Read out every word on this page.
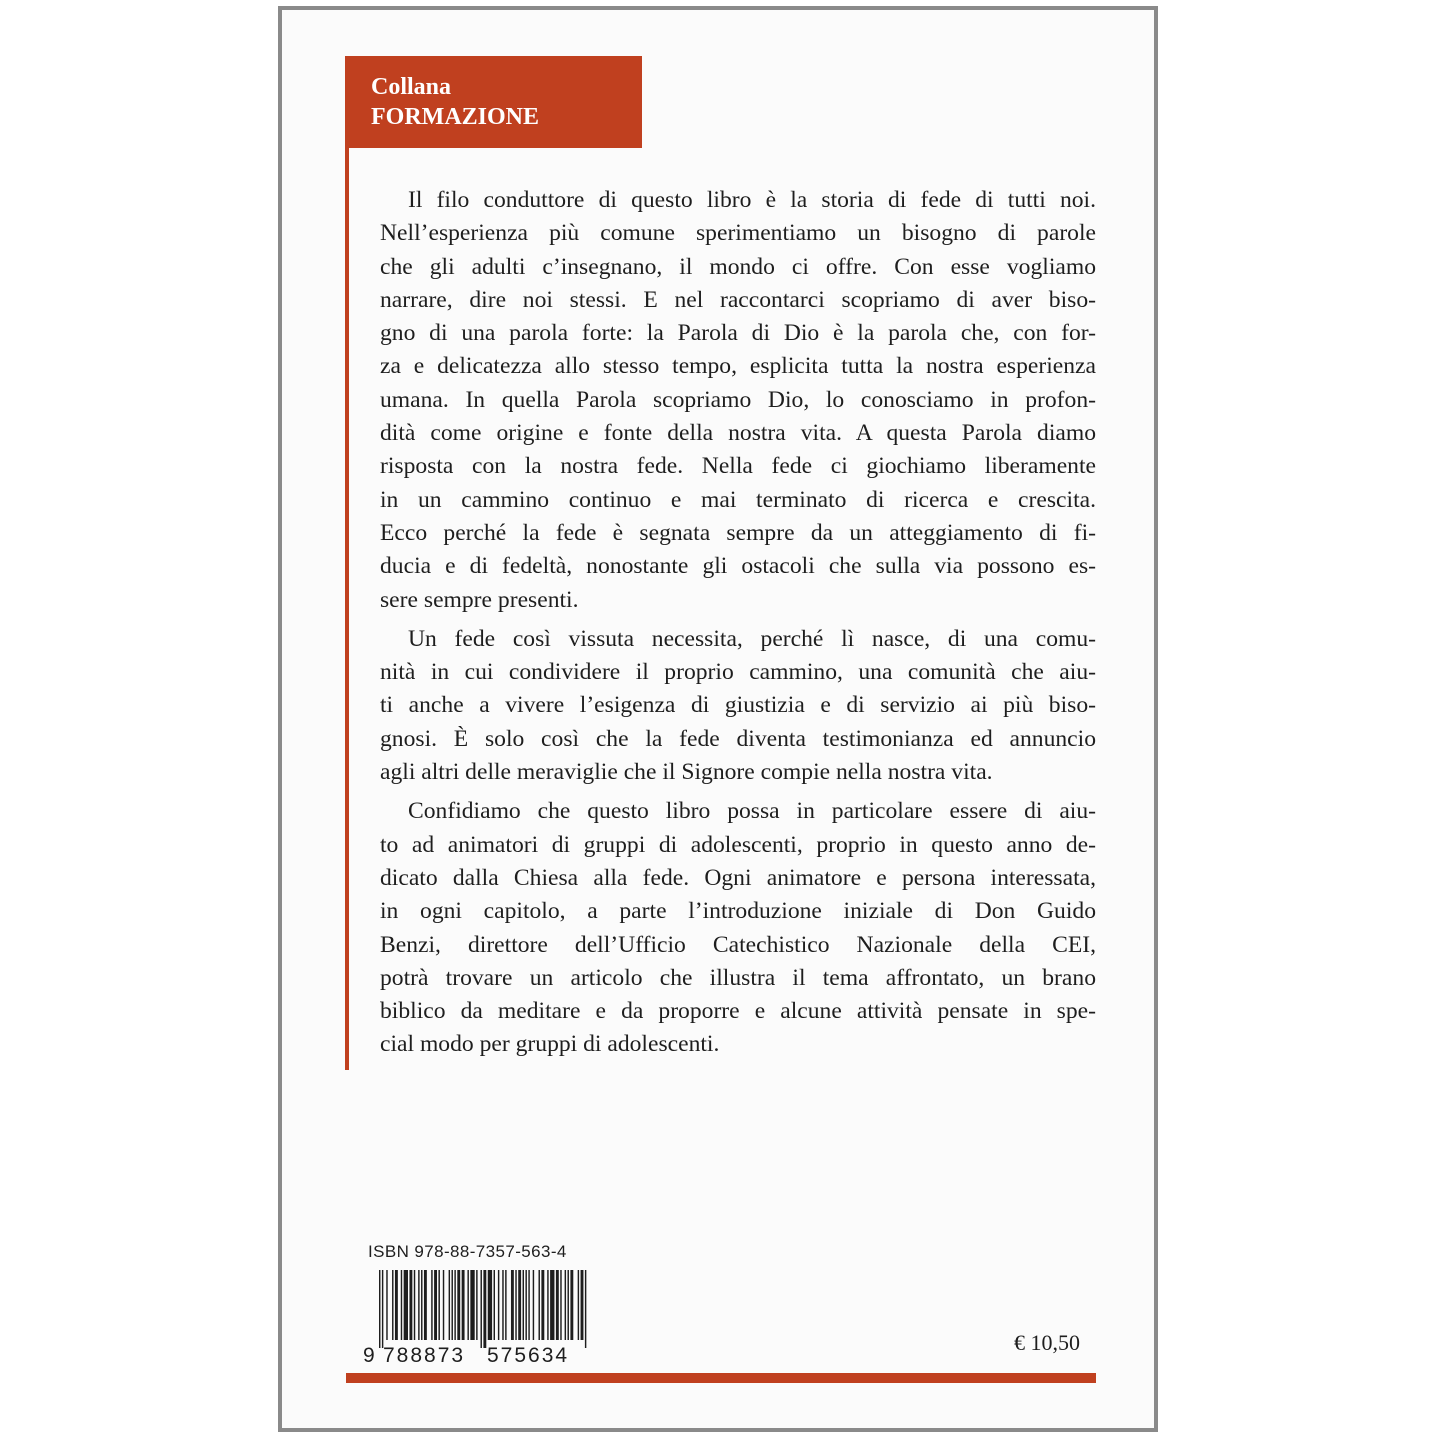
Collana
FORMAZIONE
Il filo conduttore di questo libro è la storia di fede di tutti noi.
Nell’esperienza più comune sperimentiamo un bisogno di parole
che gli adulti c’insegnano, il mondo ci offre. Con esse vogliamo
narrare, dire noi stessi. E nel raccontarci scopriamo di aver biso-
gno di una parola forte: la Parola di Dio è la parola che, con for-
za e delicatezza allo stesso tempo, esplicita tutta la nostra esperienza
umana. In quella Parola scopriamo Dio, lo conosciamo in profon-
dità come origine e fonte della nostra vita. A questa Parola diamo
risposta con la nostra fede. Nella fede ci giochiamo liberamente
in un cammino continuo e mai terminato di ricerca e crescita.
Ecco perché la fede è segnata sempre da un atteggiamento di fi-
ducia e di fedeltà, nonostante gli ostacoli che sulla via possono es-
sere sempre presenti.
Un fede così vissuta necessita, perché lì nasce, di una comu-
nità in cui condividere il proprio cammino, una comunità che aiu-
ti anche a vivere l’esigenza di giustizia e di servizio ai più biso-
gnosi. È solo così che la fede diventa testimonianza ed annuncio
agli altri delle meraviglie che il Signore compie nella nostra vita.
Confidiamo che questo libro possa in particolare essere di aiu-
to ad animatori di gruppi di adolescenti, proprio in questo anno de-
dicato dalla Chiesa alla fede. Ogni animatore e persona interessata,
in ogni capitolo, a parte l’introduzione iniziale di Don Guido
Benzi, direttore dell’Ufficio Catechistico Nazionale della CEI,
potrà trovare un articolo che illustra il tema affrontato, un brano
biblico da meditare e da proporre e alcune attività pensate in spe-
cial modo per gruppi di adolescenti.
ISBN 978-88-7357-563-4
9 788873 575634
€ 10,50
